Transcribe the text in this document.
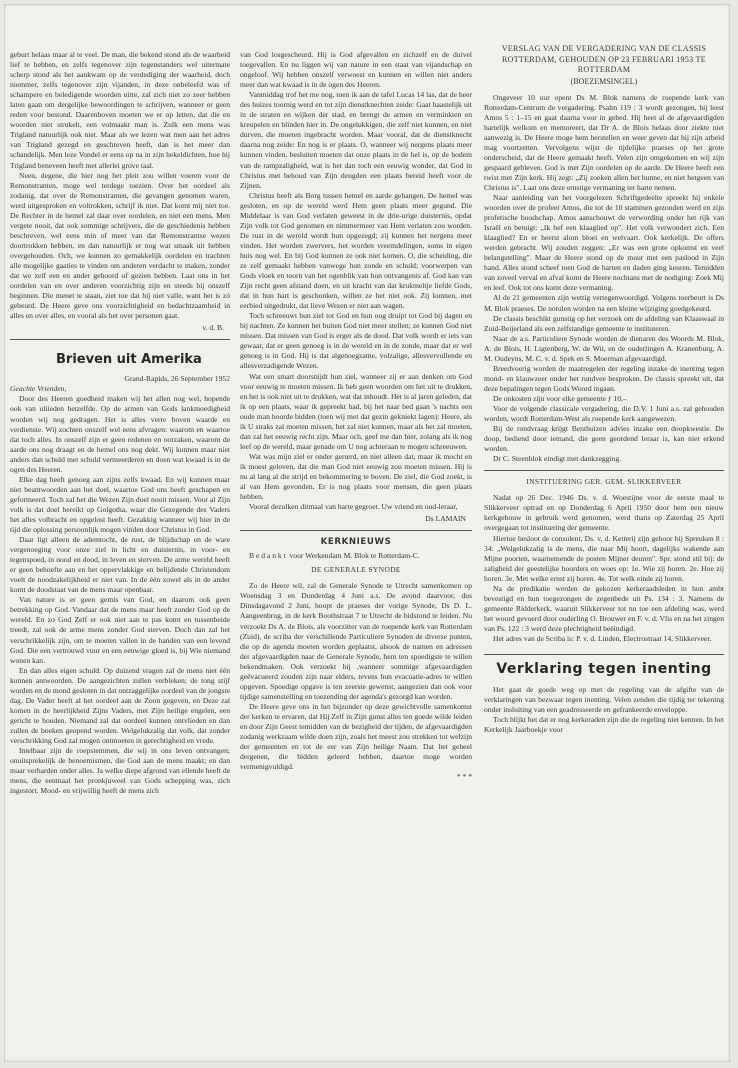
geburt helaas maar al te veel. De man, die bekend stond als de waarheid lief te hebben, en zelfs tegenover zijn tegenstanders wel uitermate scherp stond als het aankwam op de verdediging der waarheid, doch niemmer, zelfs tegenover zijn vijanden, in deze onbeleefd was of schampere en beledigende woorden uitte, zal zich niet zo zeer hebben laten gaan om dergelijke bewoordingen te schrijven, wanneer er geen reden voor bestond. Daarenboven moeten we er op letten, dat die en woorden niet strukelt, een volmaakt man is. Zulk een mens was Trigland natuurlijk ook niet. Maar als we lezen wat men aan het adres van Trigland gezegd en geschreven heeft, dan is het meer dan schandelijk. Men leze Vondel er eens op na in zijn hekeldichten, hoe hij Trigland beneveen heeft met allerlei grove taal.

Neen, degene, die hier nog het pleit zou willen voeren voor de Remonstranten, moge wel terdege toezien. Over het oordeel als zodanig, dat over de Remonstranten, die gevangen genomen waren, werd uitgesproken en voltrokken, schrijf ik niet. Dat komt mij niet toe. De Rechter in de hemel zal daar over oordelen, en niet een mens. Men vergete nooit, dat ook sommige schrijvers, die de geschiedenis hebben beschreven, wel eens min of meer van dat Remonstrantse wezen doortrokken hebben, en dan natuurlijk er nog wat smaak uit hebben overgehouden. Och, we kunnen zo gemakkelijk oordelen en trachten alle mogelijke gaaties te vinden om anderen verdacht te maken, zonder dat we zelf een en ander gehoord of gezien hebben. Laat ons in het oordelen van en over anderen voorzichtig zijn en steeds bij onszelf beginnen. Die menet te staan, ziet toe dat hij niet valle, want het is zó gebeurd. De Heere geve ons voorzichtigheid en bedachtzaamheid in alles en over alles, en vooral als het over personen gaat.

v. d. B.

Brieven uit Amerika

Grand-Rapids, 26 September 1952

Geachte Vrienden,

Door des Heeren goedheid maken wij het allen nog wel, hopende ook van uliieden hetzelfde. Op de armen van Gods lankmoedigheid worden wij nog gedragen. Het is alles verre boven waarde en verdienste. Wij zochten onszelf wel eens afvragen: waarom en waartoe dat toch alles. In onszelf zijn er geen redenen en oorzaken, waarom de aarde ons nog draagt en de hemel ons nog dekt. Wij kunnen maar niet anders dan schuld met schuld vermeerderen en doen wat kwaad is in de ogen des Heeren.

Elke dag heeft genoeg aan zijns zelfs kwaad. En wij kunnen maar niet beantwoorden aan het doel, waartoe God ons heeft geschapen en geformeerd. Toch zal het die Wezen Zijn doel nooit missen. Voor al Zijn volk is dat doel bereikt op Golgotha, waar die Gezegende des Vaders het alles volbracht en opgelost heeft. Gezakkig wanneer wij hier in de tijd die oplossing persoonlijk mogen vinden door Christus in God.

Daar ligt alleen de ademtocht, de rust, de blijdschap en de ware vergenoeging voor onze ziel in licht en duisternis, in voor- en tegenspoed, in nood en dood, in leven en sterven. De arme wereld heeft er geen behoefte aan en het oppervlakkige en belijdende Christendom voelt de noodzakelijkheid er niet van. In de één zowel als in de ander komt de doodstaat van de mens maar openbaar.

Van nature is er geen gemis van God, en daarom ook geen betrekking op God. Vandaar dat de mens maar heeft zonder God op de wereld. En zo God Zelf er ook niet aan te pas komt en tussenbeide treedt, zal ook de arme mens zonder God sterven. Doch dan zal het verschrikkelijk zijn, om te moeten vallen in de handen van een levend God. Die een vertrouwd vuur en een eeuwige gloed is, bij Wie niemand wonen kan.

En dan alles eigen schuld. Op duizend vragen zal de mens niet één kunnen antwoorden. De aangezichten zullen verbleken; de tong stijf worden en de mond gesloten in dat ontzaggelijke oordeel van de jongste dag. De Vader heeft al het oordeel aan de Zoon gegeven, en Deze zal komen in de heerlijkheid Zijns Vaders, met Zijn heilige engelen, een gericht te houden. Niemand zal dat oordeel kunnen ontvlieden en dan zullen de boeken geopend worden. Welgelukzalig dat volk, dat zonder verschrikking God zal mogen ontmoeten in gerechtigheid en vrede.

Intelbaar zijn de roepstemmen, die wij in ons leven ontvangen; onuitsprekelijk de benoemismen, die God aan de mens maakt; en dan maar verharden onder alles. Ja welke diepe afgrond van ellende heeft de mens, die eenmaal het pronkjuweel van Gods schepping was, zich ingestort. Mood- en vrijwillig heeft de mens zich

van God losgescheurd. Hij is God afgevallen en zichzelf en de duivel toegevallen. En nu liggen wij van nature in een staat van vijandschap en ongeloof. Wij hebben onszelf verwoest en kunnen en willen niet anders meer dan wat kwaad is in de ogen des Heeren.

Vanmiddag trof het me nog, toen ik aan de tafel Lucas 14 las, dat de heer des huizes toornig werd en tot zijn dienstknechten zeide: Gaat haastelijk uit in de straten en wijken der stad, en brengt de armen en verminkten en kreupelen en blinden hier in. De ongelukkigen, die zelf niet kunnen, en niet durven, die moeten ingebracht worden. Maar vooral, dat de dienstknecht daarna nog zeide: En nog is er plaats. O, wanneer wij nergens plaats meer kunnen vinden, besluiten moeten dat onze plaats in de hel is, op de bodem van de rampzaligheid, wat is het dan toch een eeuwig wonder, dat God in Christus met behoud van Zijn deugden een plaats bereid heeft voor de Zijnen.

Christus heeft als Borg tussen hemel en aarde gehangen. De hemel was gesloten, en op de wereld werd Hem geen plaats meer gegund. Die Middelaar is van God verlaten geweest in de drie-urige duisternis, opdat Zijn volk tot God genomen en nimmermeer van Hem verlaten zou worden. De rust in de wereld wordt hun opgezegd; zij kunnen het nergens meer vinden. Het worden zwervers, het worden vreemdelingen, soms in eigen huis nog wel. En bij God kunnen ze ook niet komen. O, die scheiding, die ze zelf gemaakt hebben vanwege hun zonde en schuld; voorwerpen van Gods vloek en toorn van het ogenblik van hun ontvangenis af. God kan van Zijn recht geen afstand doen, en uit kracht van dat krukmeltje liefde Gods, dat in hun hart is geschonken, willen ze het niet ook. Zij kunnen, met eerbied uitgedrukt, dat lieve Wezen er niet aan wagen.

Toch schreeuwt hun ziel tot God en hun oog druipt tot God bij dagen en bij nachten. Ze kunnen het buiten God niet meer stellen; ze kunnen God niet missen. Dat missen van God is erger als de dood. Dat volk wordt er iets van gewaar, dat er geen genoeg is in de wereld en in de zonde, maar dat er wel genoeg is in God. Hij is dat algenoegzame, volzalige, allesvervullende en allesverzadigende Wezen.

Wat een smart doorsnijdt hun ziel, wanneer zij er aan denken om God voor eeuwig te moeten missen. Ik heb geen woorden om het uit te drukken, en het is ook niet uit te drukken, wat dat inhoudt. Het is al jaren geleden, dat ik op een plaats, waar ik gepreekt had, bij het naar bed gaan 's nachts een oude man hoorde bidden (toen wij met dat gezin gekniekt lagen): Heere, als ik U straks zal moeten missen, het zal niet kunnen, maar als het zal moeten, dan zal het eeuwig recht zijn. Maar och, geef me dan hier, zolang als ik nog leef op de wereld, maar genade om U nog achteraan te mogen schreeuwen.

Wat was mijn ziel er onder gerœrd, en niet alleen dat, maar ik mocht en ik moest geloven, dat die man God niet eeuwig zou moeten missen. Hij is nu al lang al die strijd en bekommering te boven. De ziel, die God zoekt, is al van Hem gevonden. Er is nog plaats voor mensen, die geen plaats hebben.

Vooral dezulken ditmaal van harte gegroet. Uw vriend en oud-leraar,

Ds LAMAIN

KERKNIEUWS

B e d a n k t  voor Werkendam M. Blok te Rotterdam-C.

DE GENERALE SYNODE

Zo de Heere wil, zal de Generale Synode te Utrecht samenkomen op Woensdag 3 en Donderdag 4 Juni a.s. De avond daarvoor, dus Dinsdagavond 2 Juni, hoopt de praeses der vorige Synode, Ds D. L. Aangeenbrug, in de kerk Boothstraat 7 te Utrecht de bidstond te leiden. Nu verzoekt Ds A. de Blois, als voorzitter van de roepende kerk van Rotterdam (Zuid), de scriba der verschillende Particuliere Synoden de diverse punten, die op de agenda moeten worden geplaatst, alsook de namen en adressen der afgevaardigden naar de Generale Synode, hem ten spoedigste te willen bekendmaken. Ook verzoekt hij ,wanneer sommige afgevaardigden geëvacueerd zouden zijn naar elders, tevens hun evacuatie-adres te willen opgeven. Spoedige opgave is ten zeerste gewenst, aangezien dan ook voor tijdige samenstelling en toezending der agenda's gezorgd kan worden.

De Heere geve ons in het bijzonder op deze gewichtvolle samenkomst der kerken te ervaren, dat Hij Zelf in Zijn gunst alles ten goede wilde leiden en door Zijn Geest temidden van de bezigheid der tijden, de afgevaardigden zodanig werkzaam wilde doen zijn, zoals het meest zou strekken tot welzijn der gemeenten en tot de eer van Zijn heilige Naam. Dat het geheel dergenen, die bidden geleerd hebben, daartoe moge worden vermenigvuldigd.

* * *

VERSLAG VAN DE VERGADERING VAN DE CLASSIS ROTTERDAM, GEHOUDEN OP 23 FEBRUARI 1953 TE ROTTERDAM
(BOEZEMSINGEL)

Ongeveer 10 uur opent Ds M. Blok namens de roepende kerk van Rotterdam-Centrum de vergadering. Psalm 119 : 3 wordt gezongen, hij leest Amos 5 : 1–15 en gaat daarna voor in gebed. Hij heet al de afgevaardigden hartelijk welkom en memoreert, dat Dr A. de Blois helaas door ziekte niet aanwezig is. De Heere moge hem herstellen en weer geven dat hij zijn arbeid mag voortzetten. Vervolgens wijst de tijdelijke praeses op het grote onderscheid, dat de Heere gemaakt heeft. Velen zijn omgekomen en wij zijn gespaard gebleven. God is met Zijn oordelen op de aarde. De Heere heeft een twist met Zijn kerk. Hij zegt: „Zij zoeken allen het hunne, en niet hetgeen van Christus is". Laat ons deze ernstige vermaning ter harte nemen.

Naar aanleiding van het voorgelezen Schriftgedeelte spreekt hij enkele woorden over de profeet Amos, die tot de 10 stammen gezonden werd en zijn profetische boodschap. Amos aanschouwt de verwording onder het rijk van Israël en betuigt: „Ik hef een klaaglied op". Het volk verwondert zich. Een klaaglied? En er heerst alom bloei en welvaart. Ook kerkelijk. De offers werden gebracht. Wij zouden zeggen: „Er was een grote opkomst en veel belangstelling". Maar de Heere stond op de muur met een paslood in Zijn hand. Alles stond scheef toen God de harten en daden ging keuren. Temidden van zoveel verval en afval komt de Heere nochtans met de nodiging: Zoek Mij en leef. Ook tot ons komt deze vermaning.

Al de 21 gemeenten zijn wettig vertegenwoordigd. Volgens toerbeurt is Ds M. Blok praeses. De notulen worden na een kleine wijziging goedgekeurd.

De classis beschikt gunstig op het verzoek om de afdeling van Klaaswaal in Zuid-Beijerland als een zelfstandige gemeente te instituteren.

Naar de a.s. Particuliere Synode worden de dienaren des Woords M. Blok, A. de Blois, H. Ligtenberg, W. de Wit, en de ouderlingen A. Kranenburg, A. M. Oudeyns, M. C. v. d. Spek en S. Moerman afgevaardigd.

Breedvoerig worden de maatregelen der regeling inzake de inenting tegen mond- en klauwzeer onder het rundvee besproken. De classis spreekt uit, dat deze bepalingen tegen Gods Woord ingaan.

De onkosten zijn voor elke gemeente ƒ 10,–

Voor de volgende classicale vergadering, die D.V. 1 Juni a.s. zal gehouden worden, wordt Rotterdam-West als roepende kerk aangewezen.

Bij de rondvraag krijgt Benthuizen advies inzake een doopkwestie. De doop, bediend door iemand, die geen geordend leraar is, kan niet erkend worden.

Dr C. Steenblok eindigt met dankzegging.

INSTITUERING GER. GEM. SLIKKERVEER

Nadat op 26 Dec. 1946 Ds. v. d. Woestijne voor de eerste maal te Slikkerveer optrad en op Donderdag 6 April 1950 door hem een nieuw kerkgebouw in gebruik werd genomen, werd thans op Zaterdag 25 April overgegaan tot instituering der gemeente.

Hiertoe besloot de consulent, Ds. v. d. Ketterij zijn geboor bij Spreuken 8 : 34: „Welgelukzalig is de mens, die naar Mij hoort, dagelijks wakende aan Mijne poorten, waarnemende de posten Mijner deuren". Spr. stond stil bij: de zaligheid der geestelijke hoorders en woes op: 1e. Wie zij horen. 2e. Hoe zij horen. 3e. Met welke ernst zij horen. 4e. Tot welk einde zij horen.

Na de predikatie werden de gekozen kerkeraadsleden in hun ambt bevestigd en hun toegezongen de zegenbede uit Ps. 134 : 3. Namens de gemeente Ridderkerk, waaruit Slikkerveer tot nu toe een afdeling was, werd het woord gevoerd door ouderling O. Brouwer en F. v. d. Vlis en na het zingen van Ps. 122 : 3 werd deze plechtigheid beëindigd.

Het adres van de Scriba is: P. v. d. Linden, Electrostraat 14, Slikkerveer.

Verklaring tegen inenting

Het gaat de goede weg op met de regeling van de afgifte van de verklaringen van bezwaar tegen inenting. Velen zenden die tijdig ter tekening onder insluiting van een geadresseerde en gefrankeerde enveloppe.

Toch blijkt het dat er nog kerkeraden zijn die de regeling niet kennen. In het Kerkelijk Jaarboekje voor
